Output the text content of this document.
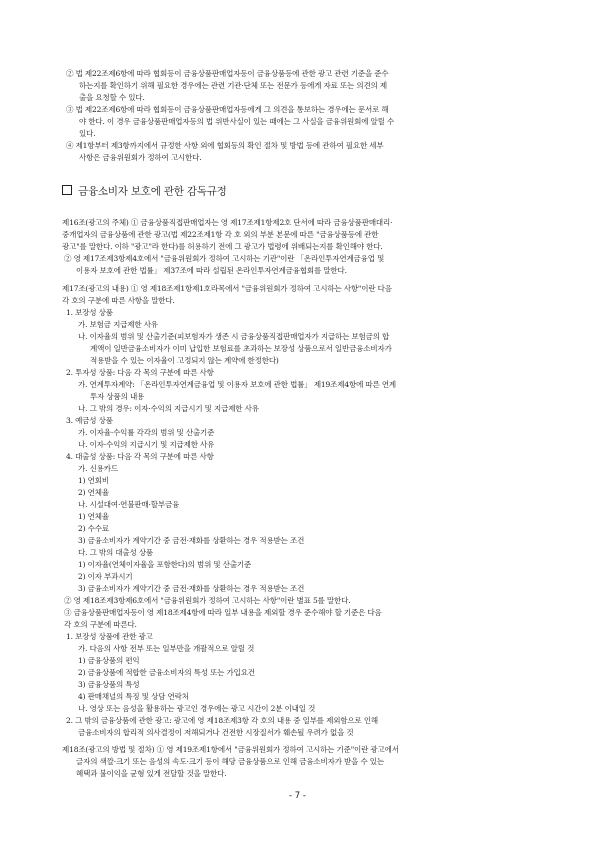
② 법 제22조제6항에 따라 협회등이 금융상품판매업자등이 금융상품등에 관한 광고 관련 기준을 준수
하는지를 확인하기 위해 필요한 경우에는 관련 기관·단체 또는 전문가 등에게 자료 또는 의견의 제
출을 요청할 수 있다.
③ 법 제22조제6항에 따라 협회등이 금융상품판매업자등에게 그 의견을 통보하는 경우에는 문서로 해
야 한다. 이 경우 금융상품판매업자등의 법 위반사실이 있는 때에는 그 사실을 금융위원회에 알릴 수
있다.
④ 제1항부터 제3항까지에서 규정한 사항 외에 협회등의 확인 절차 및 방법 등에 관하여 필요한 세부
사항은 금융위원회가 정하여 고시한다.
금융소비자 보호에 관한 감독규정
제16조(광고의 주체) ① 금융상품직접판매업자는 영 제17조제1항제2호 단서에 따라 금융상품판매대리·
중개업자의 금융상품에 관한 광고(법 제22조제1항 각 호 외의 부분 본문에 따른 "금융상품등에 관한
광고"를 말한다. 이하 "광고"라 한다)를 허용하기 전에 그 광고가 법령에 위배되는지를 확인해야 한다.
② 영 제17조제3항제4호에서 "금융위원회가 정하여 고시하는 기관"이란 「온라인투자연계금융업 및
이용자 보호에 관한 법률」 제37조에 따라 설립된 온라인투자연계금융협회를 말한다.
제17조(광고의 내용) ① 영 제18조제1항제1호라목에서 "금융위원회가 정하여 고시하는 사항"이란 다음
각 호의 구분에 따른 사항을 말한다.
1. 보장성 상품
가. 보험금 지급제한 사유
나. 이자율의 범위 및 산출기준(피보험자가 생존 시 금융상품직접판매업자가 지급하는 보험금의 합
계액이 일반금융소비자가 이미 납입한 보험료를 초과하는 보장성 상품으로서 일반금융소비자가
적용받을 수 있는 이자율이 고정되지 않는 계약에 한정한다)
2. 투자성 상품: 다음 각 목의 구분에 따른 사항
가. 연계투자계약: 「온라인투자연계금융업 및 이용자 보호에 관한 법률」 제19조제4항에 따른 연계
투자 상품의 내용
나. 그 밖의 경우: 이자·수익의 지급시기 및 지급제한 사유
3. 예금성 상품
가. 이자율·수익률 각각의 범위 및 산출기준
나. 이자·수익의 지급시기 및 지급제한 사유
4. 대출성 상품: 다음 각 목의 구분에 따른 사항
가. 신용카드
1) 연회비
2) 연체율
나. 시설대여·연불판매·할부금융
1) 연체율
2) 수수료
3) 금융소비자가 계약기간 중 금전·재화를 상환하는 경우 적용받는 조건
다. 그 밖의 대출성 상품
1) 이자율(연체이자율을 포함한다)의 범위 및 산출기준
2) 이자 부과시기
3) 금융소비자가 계약기간 중 금전·재화를 상환하는 경우 적용받는 조건
② 영 제18조제3항제6호에서 "금융위원회가 정하여 고시하는 사항"이란 별표 5를 말한다.
③ 금융상품판매업자등이 영 제18조제4항에 따라 일부 내용을 제외할 경우 준수해야 할 기준은 다음
각 호의 구분에 따른다.
1. 보장성 상품에 관한 광고
가. 다음의 사항 전부 또는 일부만을 개괄적으로 알릴 것
1) 금융상품의 편익
2) 금융상품에 적합한 금융소비자의 특성 또는 가입요건
3) 금융상품의 특성
4) 판매채널의 특징 및 상담 연락처
나. 영상 또는 음성을 활용하는 광고인 경우에는 광고 시간이 2분 이내일 것
2. 그 밖의 금융상품에 관한 광고: 광고에 영 제18조제3항 각 호의 내용 중 일부를 제외함으로 인해
금융소비자의 합리적 의사결정이 저해되거나 건전한 시장질서가 훼손될 우려가 없을 것
제18조(광고의 방법 및 절차) ① 영 제19조제1항에서 "금융위원회가 정하여 고시하는 기준"이란 광고에서
글자의 색깔·크기 또는 음성의 속도·크기 등이 해당 금융상품으로 인해 금융소비자가 받을 수 있는
혜택과 불이익을 균형 있게 전달할 것을 말한다.
- 7 -
